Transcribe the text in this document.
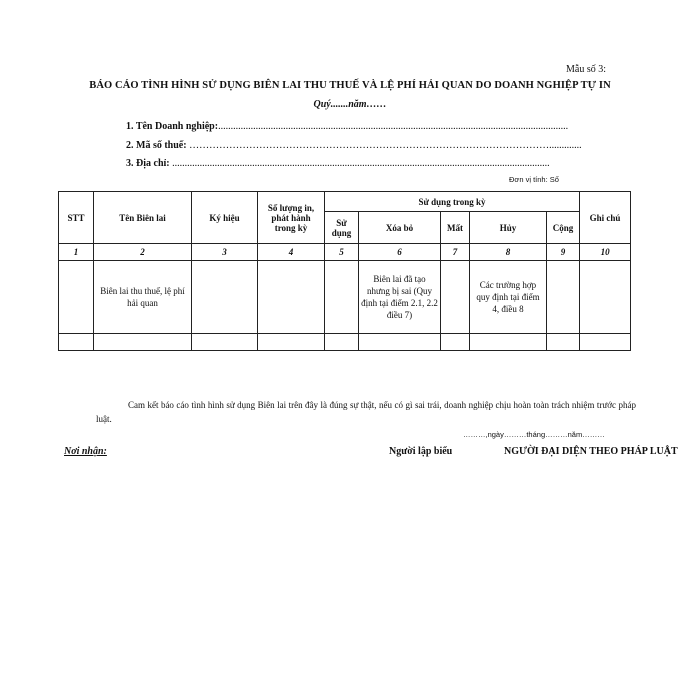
Mẫu số 3:
BÁO CÁO TÌNH HÌNH SỬ DỤNG BIÊN LAI THU THUẾ VÀ LỆ PHÍ HẢI QUAN DO DOANH NGHIỆP TỰ IN
Quý.......năm……
1. Tên Doanh nghiệp:............................................................................................................................................
2. Mã số thuế: ……………………………………………………………………………………………….............
3. Địa chỉ: .......................................................................................................................................................
Đơn vị tính: Số
STT	Tên Biên lai	Ký hiệu	Số lượng in, phát hành trong kỳ	Sử dụng trong kỳ					Ghi chú
				Sử dụng	Xóa bỏ	Mất	Hủy	Cộng	
1	2	3	4	5	6	7	8	9	10
	Biên lai thu thuế, lệ phí hải quan				Biên lai đã tạo nhưng bị sai (Quy định tại điểm 2.1, 2.2 điều 7)		Các trường hợp quy định tại điểm 4, điều 8		

Cam kết báo cáo tình hình sử dụng Biên lai trên đây là đúng sự thật, nếu có gì sai trái, doanh nghiệp chịu hoàn toàn trách nhiệm trước pháp luật.
………,ngày………tháng………năm………
Nơi nhận:	Người lập biểu	NGƯỜI ĐẠI DIỆN THEO PHÁP LUẬT
